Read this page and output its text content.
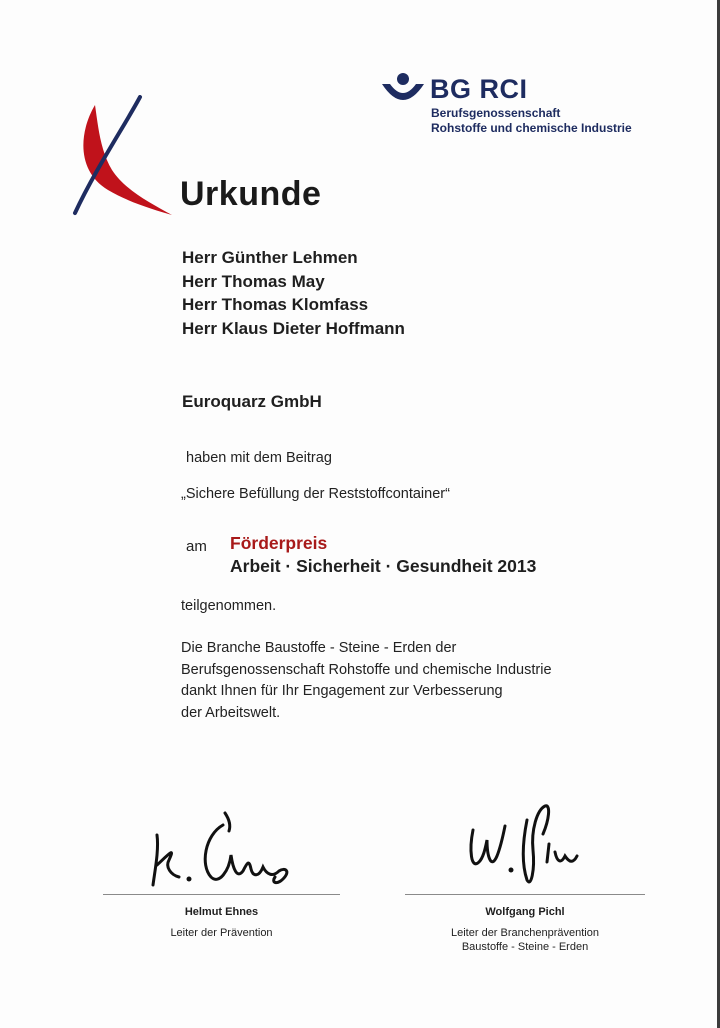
BG RCI
Berufsgenossenschaft
Rohstoffe und chemische Industrie
Urkunde
Herr Günther Lehmen
Herr Thomas May
Herr Thomas Klomfass
Herr Klaus Dieter Hoffmann
Euroquarz GmbH
haben mit dem Beitrag
„Sichere Befüllung der Reststoffcontainer“
am Förderpreis
Arbeit · Sicherheit · Gesundheit 2013
teilgenommen.
Die Branche Baustoffe - Steine - Erden der
Berufsgenossenschaft Rohstoffe und chemische Industrie
dankt Ihnen für Ihr Engagement zur Verbesserung
der Arbeitswelt.
Helmut Ehnes
Leiter der Prävention
Wolfgang Pichl
Leiter der Branchenprävention
Baustoffe - Steine - Erden
